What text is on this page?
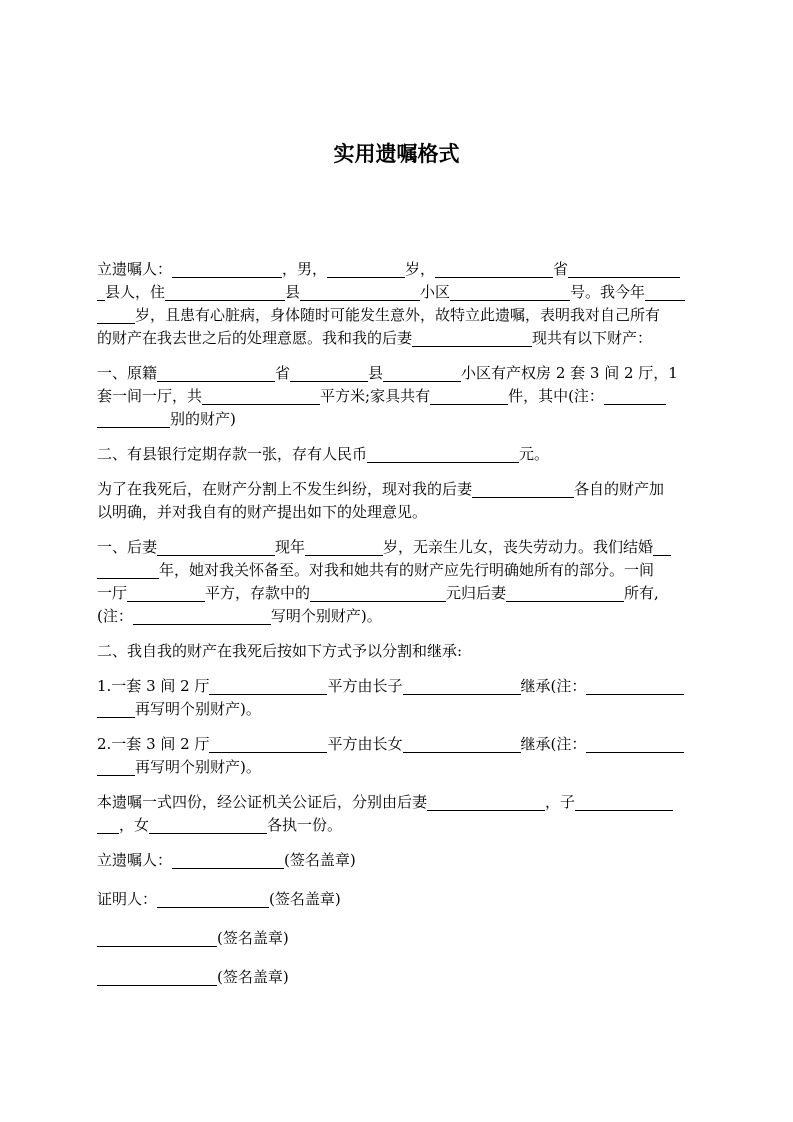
实用遗嘱格式
立遗嘱人：	，男，	岁，	省
县人，住	县	小区	号。我今年
岁，且患有心脏病，身体随时可能发生意外，故特立此遗嘱，表明我对自己所有
的财产在我去世之后的处理意愿。我和我的后妻	现共有以下财产：
一、原籍	省	县	小区有产权房 2 套 3 间 2 厅，1
套一间一厅，共	平方米;家具共有	件，其中(注：
别的财产)
二、有县银行定期存款一张，存有人民币	元。
为了在我死后，在财产分割上不发生纠纷，现对我的后妻	各自的财产加
以明确，并对我自有的财产提出如下的处理意见。
一、后妻	现年	岁，无亲生儿女，丧失劳动力。我们结婚
年，她对我关怀备至。对我和她共有的财产应先行明确她所有的部分。一间
一厅	平方，存款中的	元归后妻	所有,
(注：	写明个别财产)。
二、我自我的财产在我死后按如下方式予以分割和继承:
1.一套 3 间 2 厅	平方由长子	继承(注：
再写明个别财产)。
2.一套 3 间 2 厅	平方由长女	继承(注：
再写明个别财产)。
本遗嘱一式四份，经公证机关公证后，分别由后妻	，子
，女	各执一份。
立遗嘱人：	(签名盖章)
证明人：	(签名盖章)
(签名盖章)
(签名盖章)
